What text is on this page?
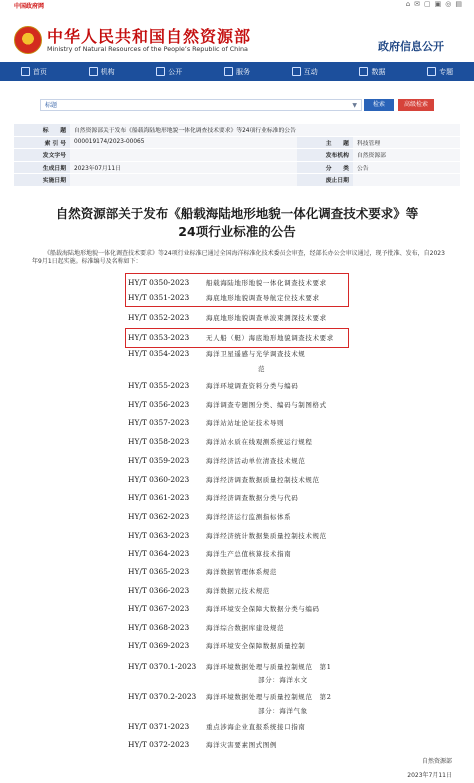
中国政府网	⌂✉▢▣◎▤
中华人民共和国自然资源部
Ministry of Natural Resources of the People’s Republic of China	政府信息公开
首页	机构	公开	服务	互动	数据	专题
标题	▼	检索	高级检索
标　　题	自然资源部关于发布《船载海陆地形地貌一体化调查技术要求》等24项行业标准的公告		
索 引 号	000019174/2023-00065	主　　题	科技管理
发文字号		发布机构	自然资源部
生成日期	2023年07月11日	分　　类	公告
实施日期		废止日期	
自然资源部关于发布《船载海陆地形地貌一体化调查技术要求》等24项行业标准的公告
《船载海陆地形地貌一体化调查技术要求》等24项行业标准已通过全国海洋标准化技术委员会审查，经部长办公会审议通过，现予批准、发布，自2023年9月1日起实施。标准编号及名称如下：
HY/T 0350-2023	船载海陆地形地貌一体化调查技术要求
HY/T 0351-2023	海底地形地貌调查导航定位技术要求
HY/T 0352-2023	海底地形地貌调查单波束测深技术要求
HY/T 0353-2023	无人船（艇）海底地形地貌调查技术要求
HY/T 0354-2023	海洋卫星遥感与光学调查技术规
范
HY/T 0355-2023	海洋环境调查资料分类与编码
HY/T 0356-2023	海洋调查专题图分类、编码与制图格式
HY/T 0357-2023	海洋站站址论证技术导则
HY/T 0358-2023	海洋站水质在线观测系统运行规程
HY/T 0359-2023	海洋经济活动单位清查技术规范
HY/T 0360-2023	海洋经济调查数据质量控制技术规范
HY/T 0361-2023	海洋经济调查数据分类与代码
HY/T 0362-2023	海洋经济运行监测指标体系
HY/T 0363-2023	海洋经济统计数据集质量控制技术规范
HY/T 0364-2023	海洋生产总值核算技术指南
HY/T 0365-2023	海洋数据管理体系规范
HY/T 0366-2023	海洋数据元技术规范
HY/T 0367-2023	海洋环境安全保障大数据分类与编码
HY/T 0368-2023	海洋综合数据库建设规范
HY/T 0369-2023	海洋环境安全保障数据质量控制
HY/T 0370.1-2023 海洋环境数据处理与质量控制规范　第1
部分：海洋水文
HY/T 0370.2-2023 海洋环境数据处理与质量控制规范　第2
部分：海洋气象
HY/T 0371-2023	重点涉海企业直报系统接口指南
HY/T 0372-2023	海洋灾害要素图式图例
自然资源部
2023年7月11日
